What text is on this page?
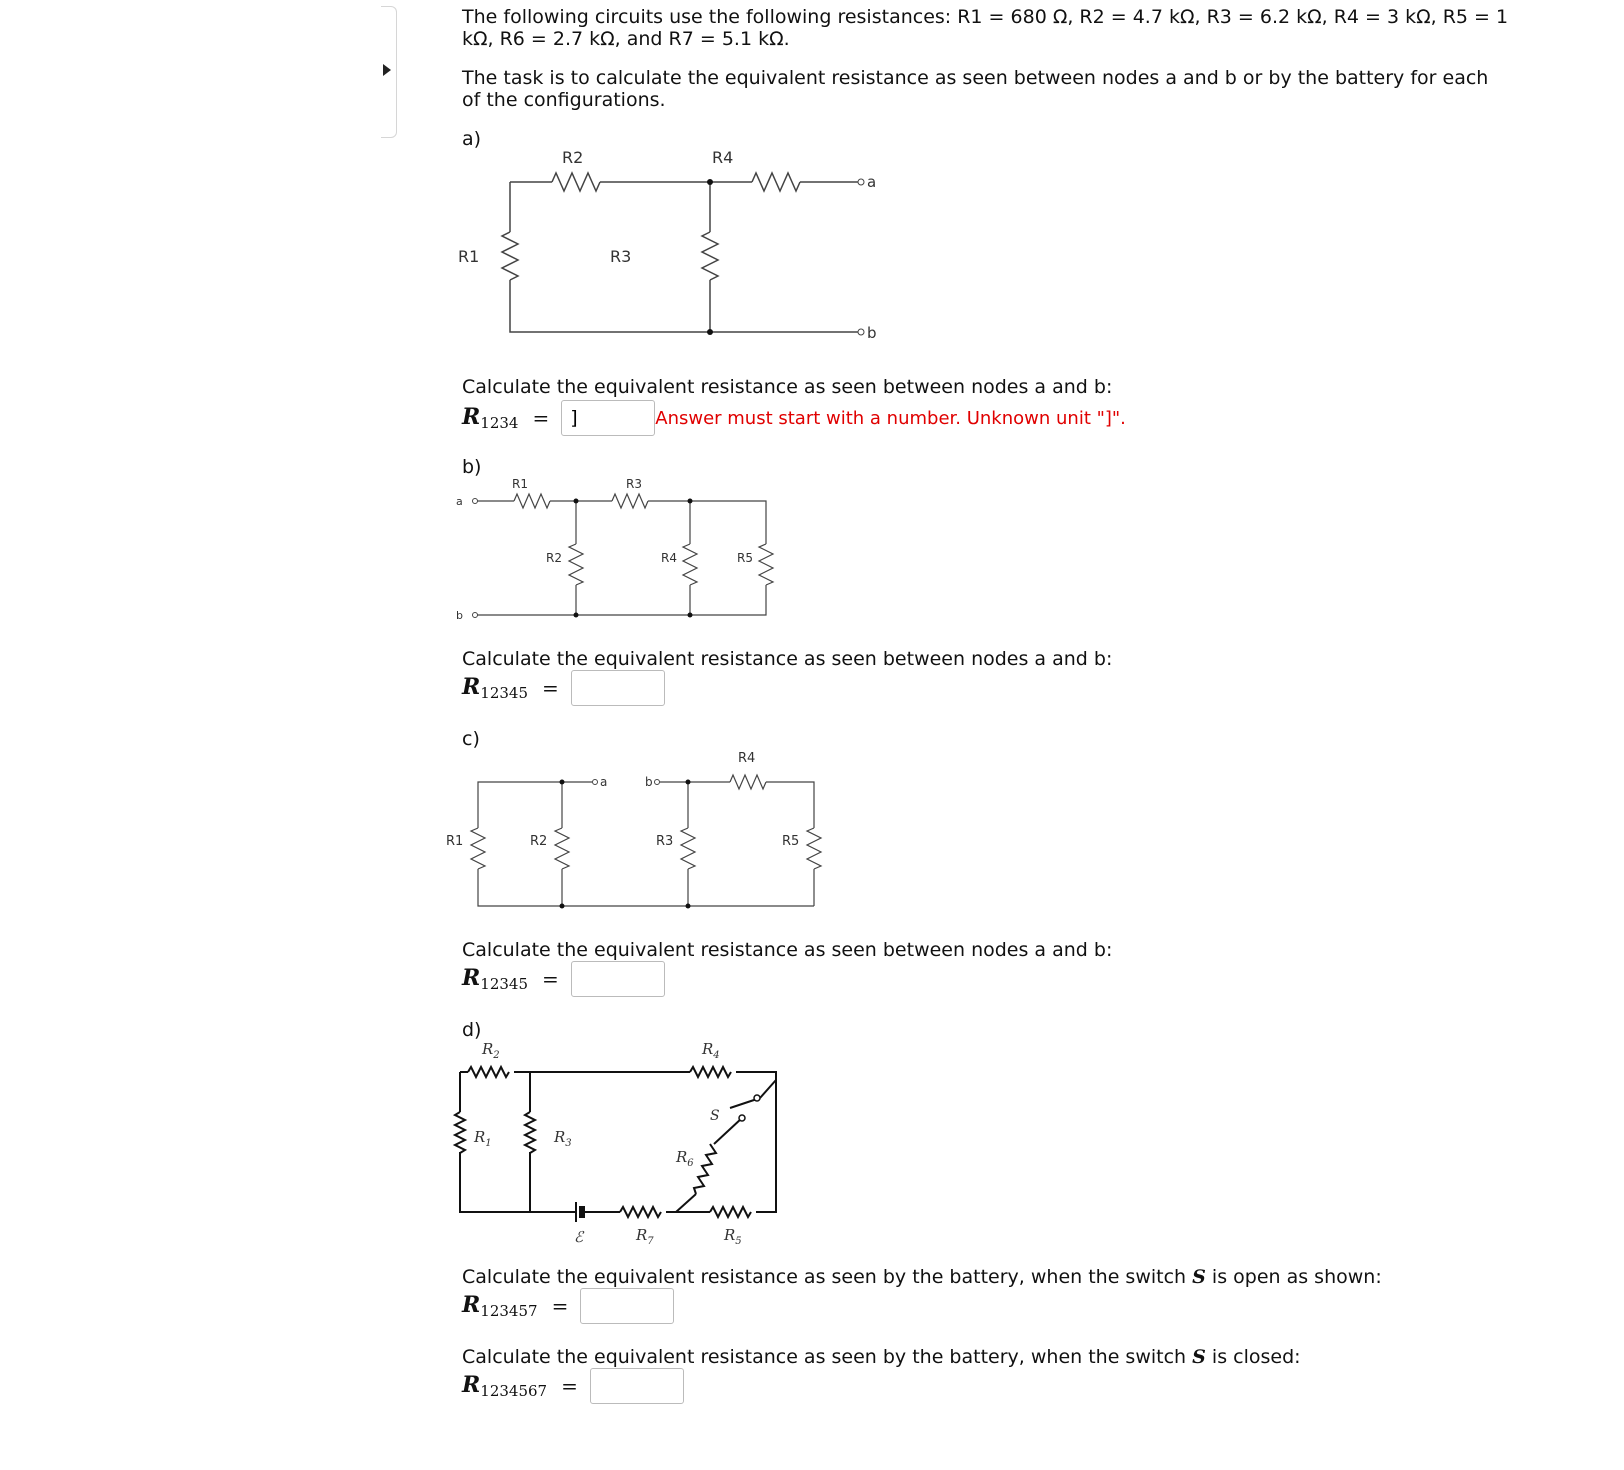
The following circuits use the following resistances: R1 = 680 Ω, R2 = 4.7 kΩ, R3 = 6.2 kΩ, R4 = 3 kΩ, R5 = 1
kΩ, R6 = 2.7 kΩ, and R7 = 5.1 kΩ.
The task is to calculate the equivalent resistance as seen between nodes a and b or by the battery for each
of the configurations.
a)
R2	R4
R1	R3
a
b
Calculate the equivalent resistance as seen between nodes a and b:
$R_{1234}$ =
]	Answer must start with a number. Unknown unit "]".
b)
a
b
R1	R3
R2	R4	R5
Calculate the equivalent resistance as seen between nodes a and b:
$R_{12345}$ =
c)
a	b
R4
R1	R2	R3	R5
Calculate the equivalent resistance as seen between nodes a and b:
$R_{12345}$ =
d)
$R_2$	$R_4$
$R_1$	$R_3$
$R_6$
S
ℰ	$R_7$	$R_5$
Calculate the equivalent resistance as seen by the battery, when the switch S is open as shown:
$R_{123457}$ =
Calculate the equivalent resistance as seen by the battery, when the switch S is closed:
$R_{1234567}$ =
